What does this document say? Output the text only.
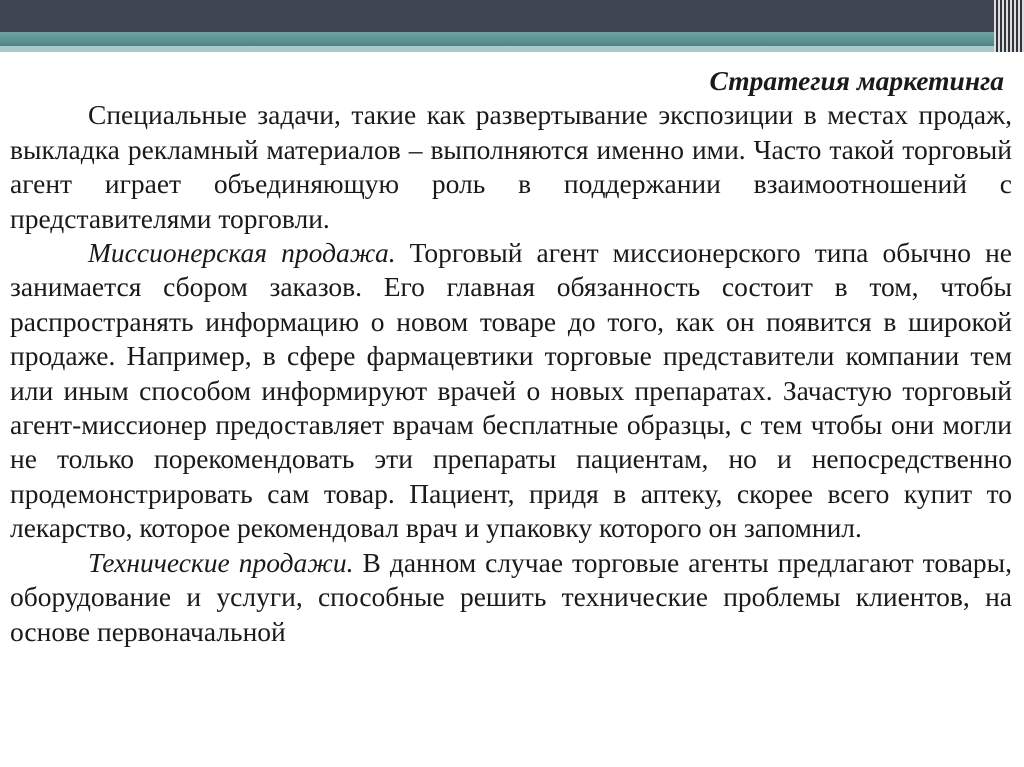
Стратегия маркетинга

Специальные задачи, такие как развертывание экспозиции в местах продаж, выкладка рекламный материалов – выполняются именно ими. Часто такой торговый агент играет объединяющую роль в поддержании взаимоотношений с представителями торговли.

Миссионерская продажа. Торговый агент миссионерского типа обычно не занимается сбором заказов. Его главная обязанность состоит в том, чтобы распространять информацию о новом товаре до того, как он появится в широкой продаже. Например, в сфере фармацевтики торговые представители компании тем или иным способом информируют врачей о новых препаратах. Зачастую торговый агент-миссионер предоставляет врачам бесплатные образцы, с тем чтобы они могли не только порекомендовать эти препараты пациентам, но и непосредственно продемонстрировать сам товар. Пациент, придя в аптеку, скорее всего купит то лекарство, которое рекомендовал врач и упаковку которого он запомнил.

Технические продажи. В данном случае торговые агенты предлагают товары, оборудование и услуги, способные решить технические проблемы клиентов, на основе первоначальной
